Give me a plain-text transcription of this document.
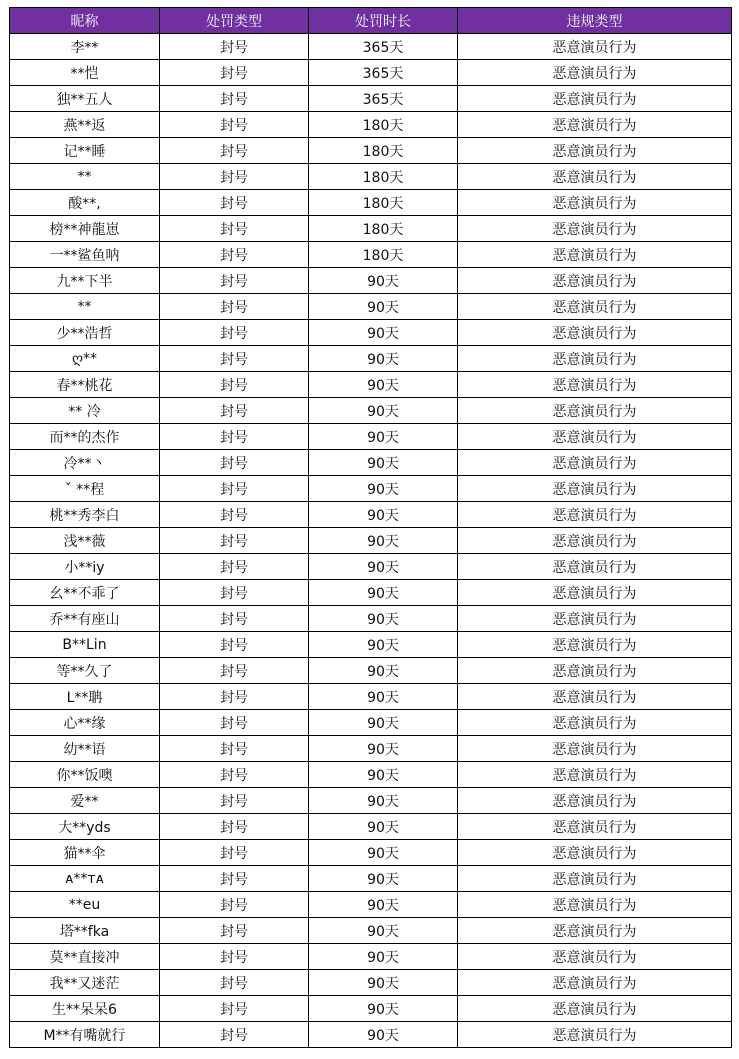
昵称	处罚类型	处罚时长	违规类型
李**	封号	365天	恶意演员行为
**恺	封号	365天	恶意演员行为
独**五人	封号	365天	恶意演员行为
燕**返	封号	180天	恶意演员行为
记**睡	封号	180天	恶意演员行为
**	封号	180天	恶意演员行为
酸**,	封号	180天	恶意演员行为
榜**神龍崽	封号	180天	恶意演员行为
一**鲨鱼呐	封号	180天	恶意演员行为
九**下半	封号	90天	恶意演员行为
**	封号	90天	恶意演员行为
少**浩哲	封号	90天	恶意演员行为
ღ**	封号	90天	恶意演员行为
春**桃花	封号	90天	恶意演员行为
** 冷	封号	90天	恶意演员行为
而**的杰作	封号	90天	恶意演员行为
冷**丶	封号	90天	恶意演员行为
ˇ **程	封号	90天	恶意演员行为
桃**秀李白	封号	90天	恶意演员行为
浅**薇	封号	90天	恶意演员行为
小**iy	封号	90天	恶意演员行为
幺**不乖了	封号	90天	恶意演员行为
乔**有座山	封号	90天	恶意演员行为
B**Lin	封号	90天	恶意演员行为
等**久了	封号	90天	恶意演员行为
L**聃	封号	90天	恶意演员行为
心**缘	封号	90天	恶意演员行为
幼**语	封号	90天	恶意演员行为
你**饭噢	封号	90天	恶意演员行为
爱**	封号	90天	恶意演员行为
大**yds	封号	90天	恶意演员行为
猫**伞	封号	90天	恶意演员行为
ᴀ**ᴛᴀ	封号	90天	恶意演员行为
**eu	封号	90天	恶意演员行为
塔**fka	封号	90天	恶意演员行为
莫**直接冲	封号	90天	恶意演员行为
我**又迷茫	封号	90天	恶意演员行为
生**呆呆6	封号	90天	恶意演员行为
M**有嘴就行	封号	90天	恶意演员行为
